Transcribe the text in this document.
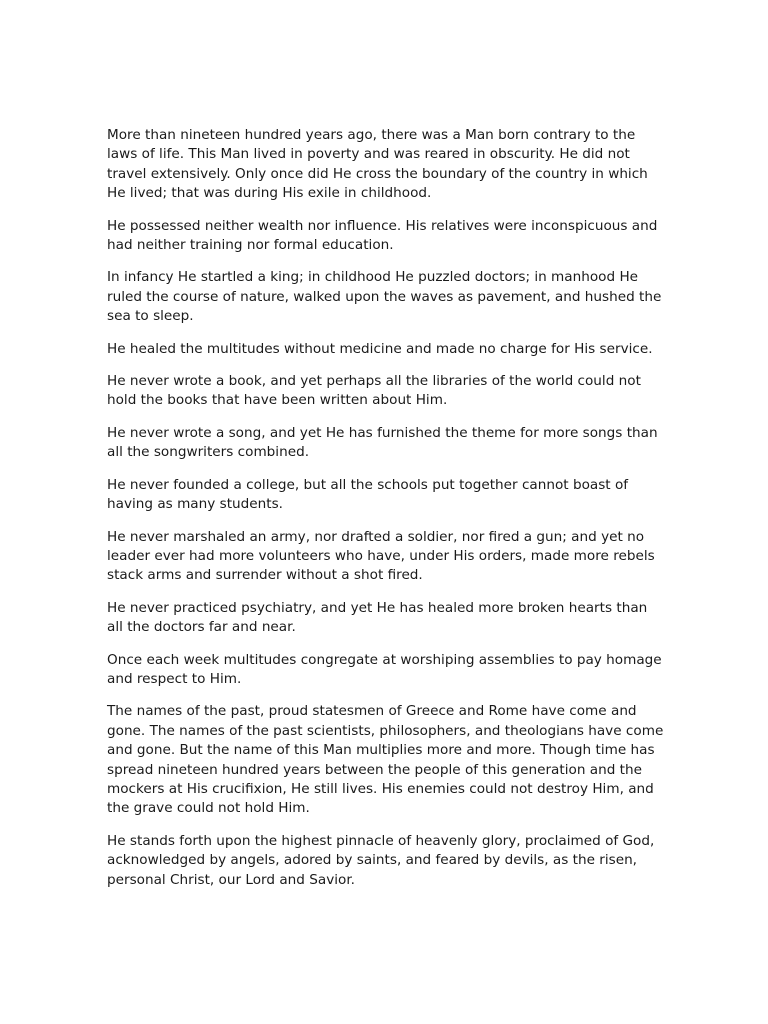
More than nineteen hundred years ago, there was a Man born contrary to the laws of life. This Man lived in poverty and was reared in obscurity. He did not travel extensively. Only once did He cross the boundary of the country in which He lived; that was during His exile in childhood.

He possessed neither wealth nor influence. His relatives were inconspicuous and had neither training nor formal education.

In infancy He startled a king; in childhood He puzzled doctors; in manhood He ruled the course of nature, walked upon the waves as pavement, and hushed the sea to sleep.

He healed the multitudes without medicine and made no charge for His service.

He never wrote a book, and yet perhaps all the libraries of the world could not hold the books that have been written about Him.

He never wrote a song, and yet He has furnished the theme for more songs than all the songwriters combined.

He never founded a college, but all the schools put together cannot boast of having as many students.

He never marshaled an army, nor drafted a soldier, nor fired a gun; and yet no leader ever had more volunteers who have, under His orders, made more rebels stack arms and surrender without a shot fired.

He never practiced psychiatry, and yet He has healed more broken hearts than all the doctors far and near.

Once each week multitudes congregate at worshiping assemblies to pay homage and respect to Him.

The names of the past, proud statesmen of Greece and Rome have come and gone. The names of the past scientists, philosophers, and theologians have come and gone. But the name of this Man multiplies more and more. Though time has spread nineteen hundred years between the people of this generation and the mockers at His crucifixion, He still lives. His enemies could not destroy Him, and the grave could not hold Him.

He stands forth upon the highest pinnacle of heavenly glory, proclaimed of God, acknowledged by angels, adored by saints, and feared by devils, as the risen, personal Christ, our Lord and Savior.
